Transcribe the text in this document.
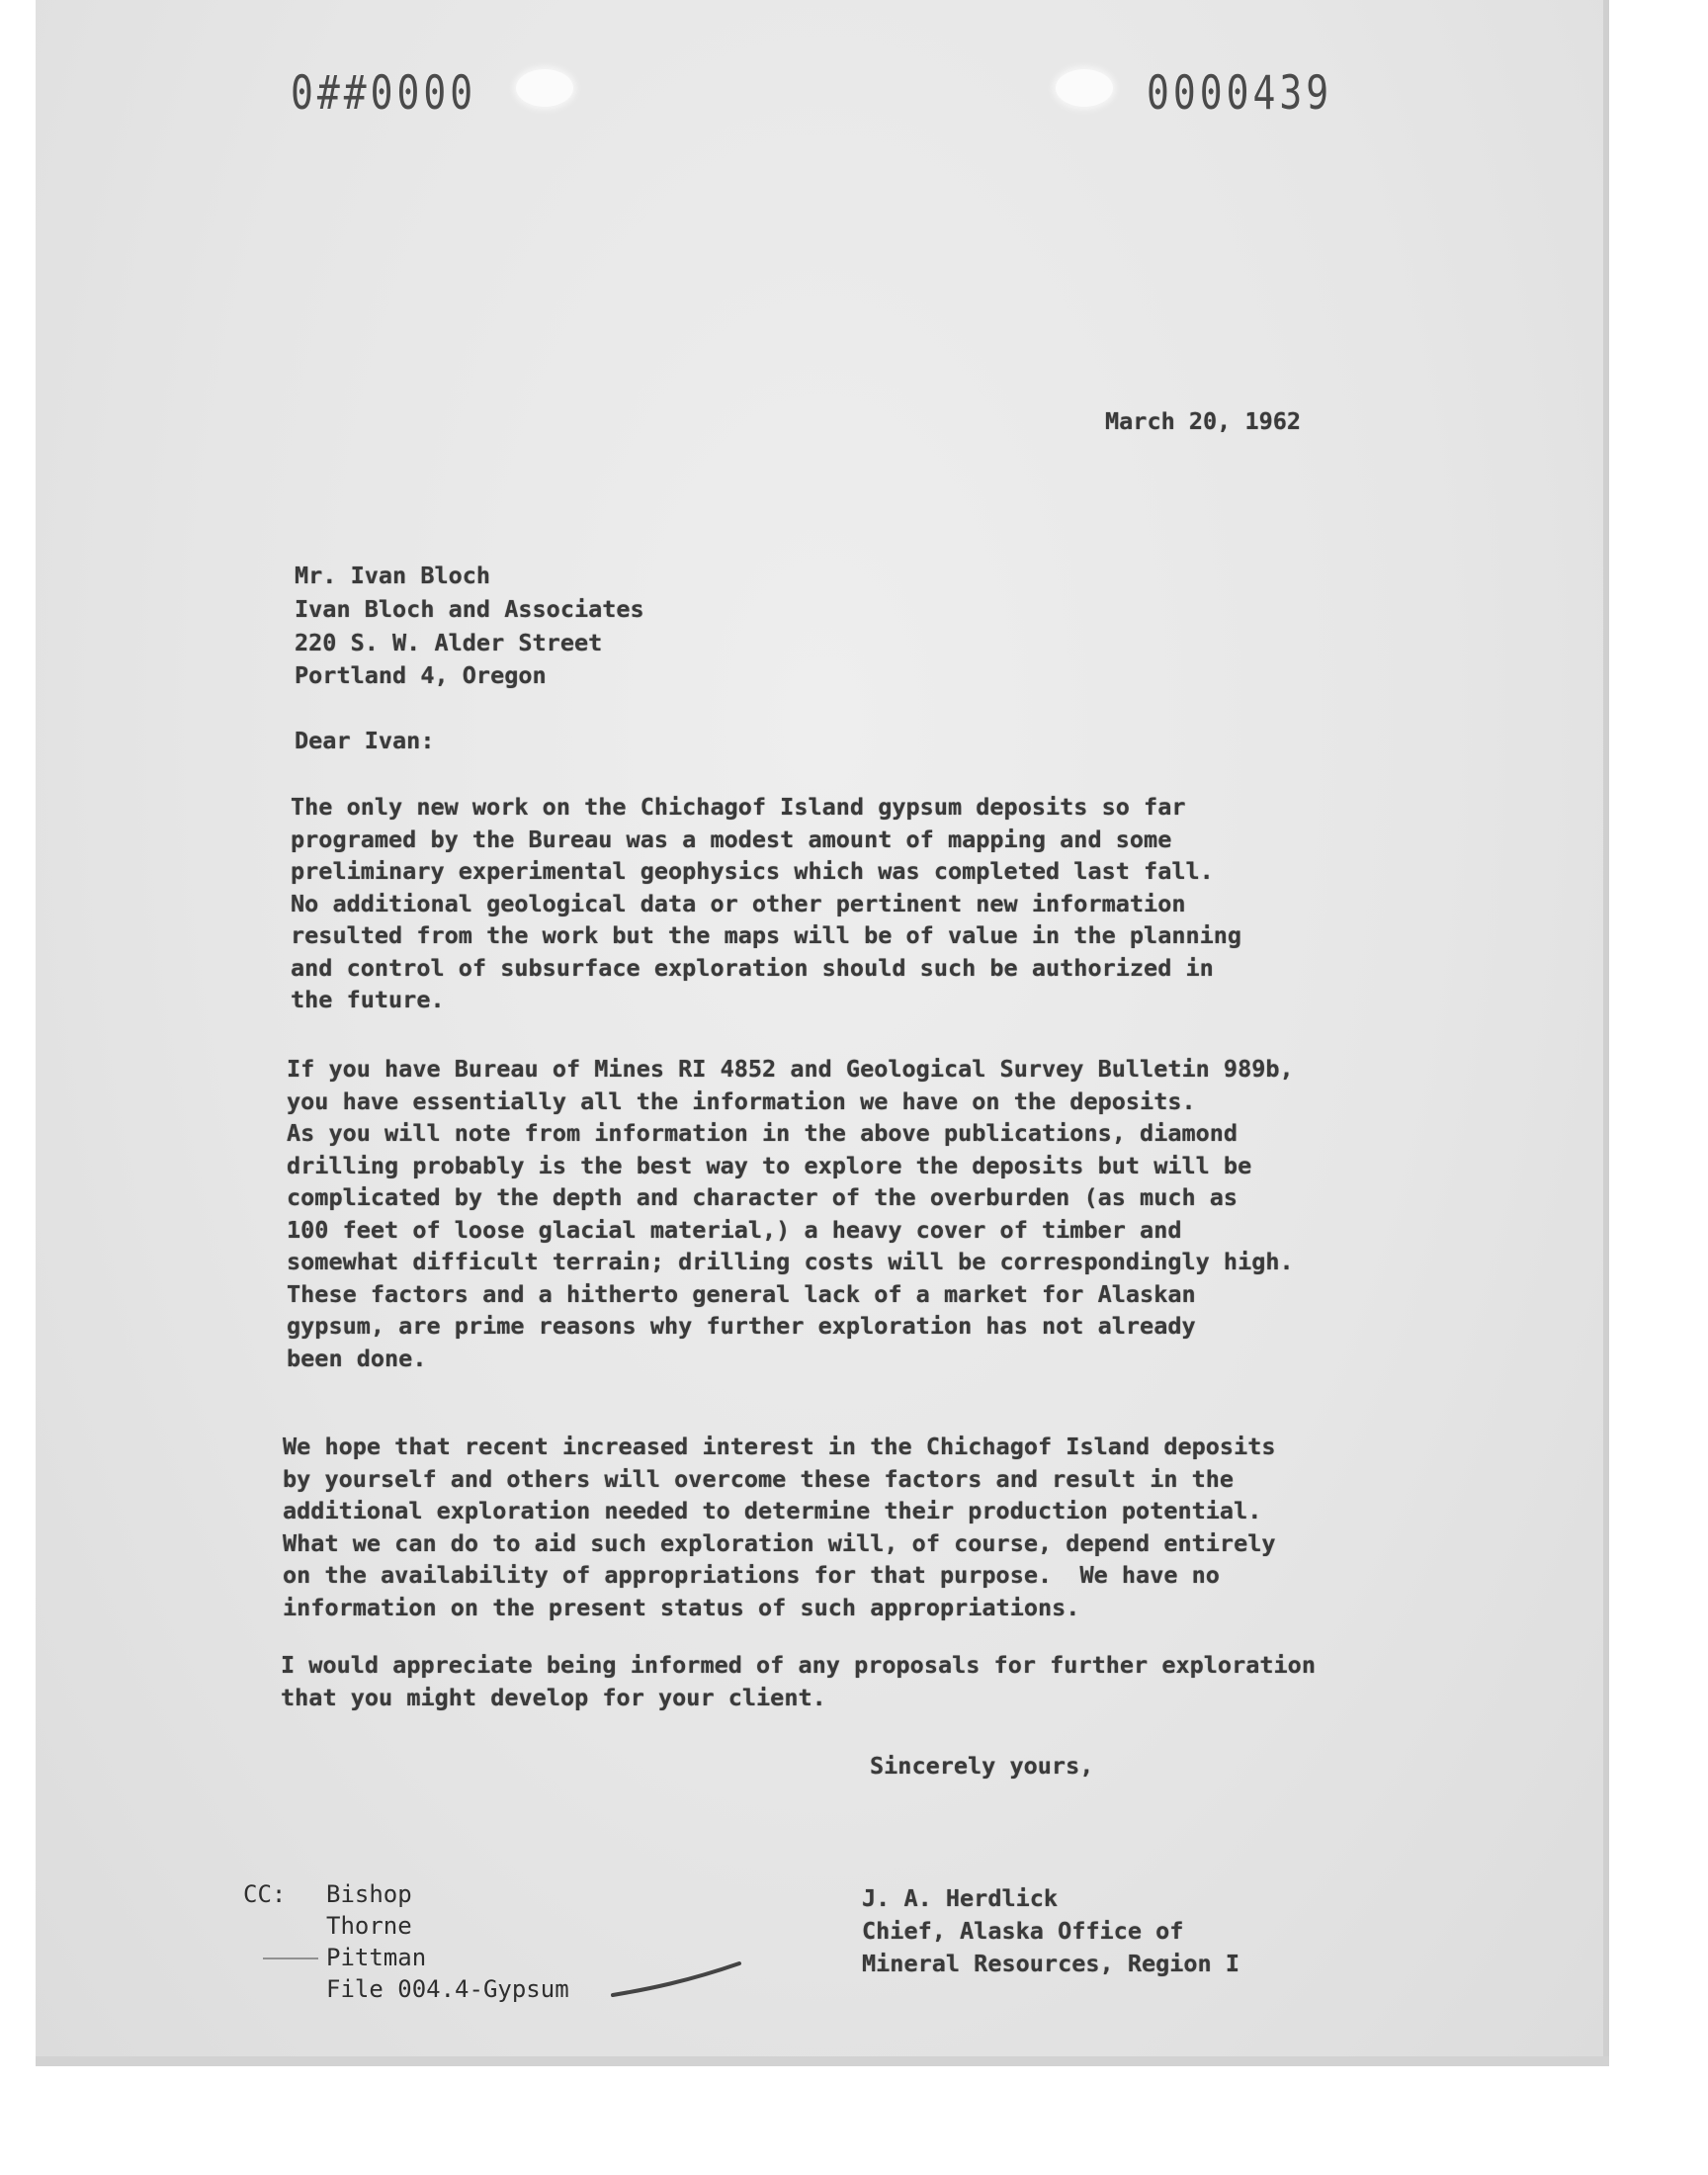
0##0000	0000439
March 20, 1962
Mr. Ivan Bloch
Ivan Bloch and Associates
220 S. W. Alder Street
Portland 4, Oregon
Dear Ivan:
The only new work on the Chichagof Island gypsum deposits so far
programed by the Bureau was a modest amount of mapping and some
preliminary experimental geophysics which was completed last fall.
No additional geological data or other pertinent new information
resulted from the work but the maps will be of value in the planning
and control of subsurface exploration should such be authorized in
the future.
If you have Bureau of Mines RI 4852 and Geological Survey Bulletin 989b,
you have essentially all the information we have on the deposits.
As you will note from information in the above publications, diamond
drilling probably is the best way to explore the deposits but will be
complicated by the depth and character of the overburden (as much as
100 feet of loose glacial material,) a heavy cover of timber and
somewhat difficult terrain; drilling costs will be correspondingly high.
These factors and a hitherto general lack of a market for Alaskan
gypsum, are prime reasons why further exploration has not already
been done.
We hope that recent increased interest in the Chichagof Island deposits
by yourself and others will overcome these factors and result in the
additional exploration needed to determine their production potential.
What we can do to aid such exploration will, of course, depend entirely
on the availability of appropriations for that purpose.  We have no
information on the present status of such appropriations.
I would appreciate being informed of any proposals for further exploration
that you might develop for your client.
Sincerely yours,
CC: Bishop
Thorne
Pittman
File 004.4-Gypsum
J. A. Herdlick
Chief, Alaska Office of
Mineral Resources, Region I
